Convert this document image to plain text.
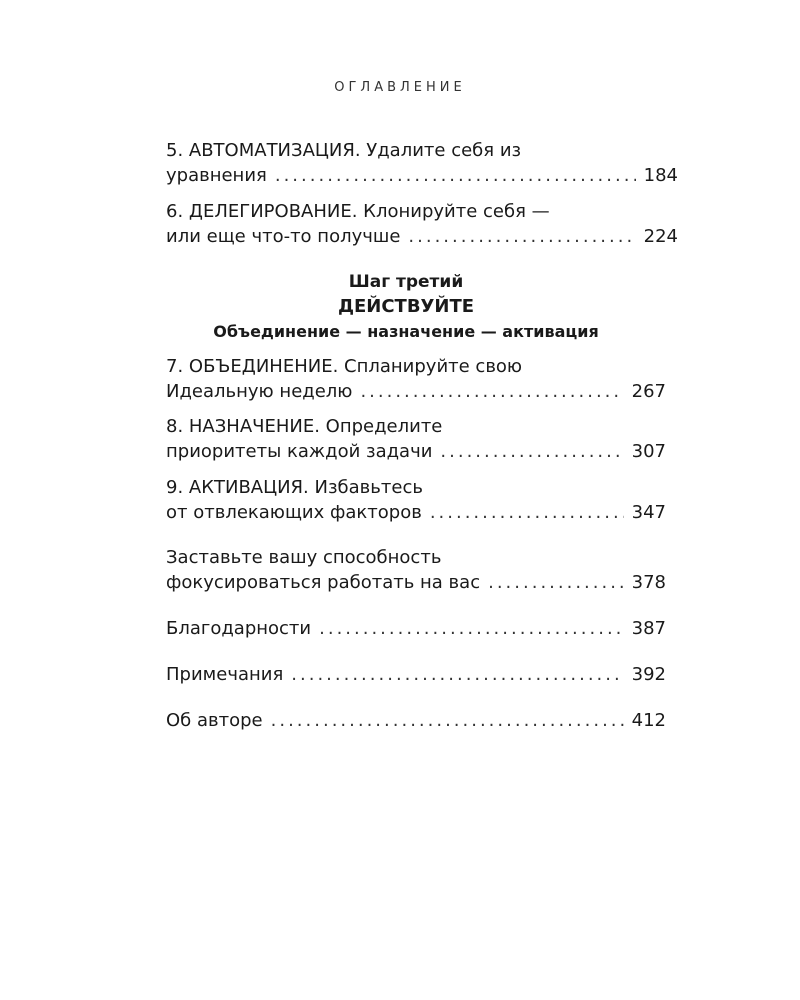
ОГЛАВЛЕНИЕ
5. АВТОМАТИЗАЦИЯ. Удалите себя из
уравнения .....	184
6. ДЕЛЕГИРОВАНИЕ. Клонируйте себя —
или еще что-то получше .....	224
Шаг третий
ДЕЙСТВУЙТЕ
Объединение — назначение — активация
7. ОБЪЕДИНЕНИЕ. Спланируйте свою
Идеальную неделю .....	267
8. НАЗНАЧЕНИЕ. Определите
приоритеты каждой задачи .....	307
9. АКТИВАЦИЯ. Избавьтесь
от отвлекающих факторов .....	347
Заставьте вашу способность
фокусироваться работать на вас .....	378
Благодарности .....	387
Примечания .....	392
Об авторе .....	412
